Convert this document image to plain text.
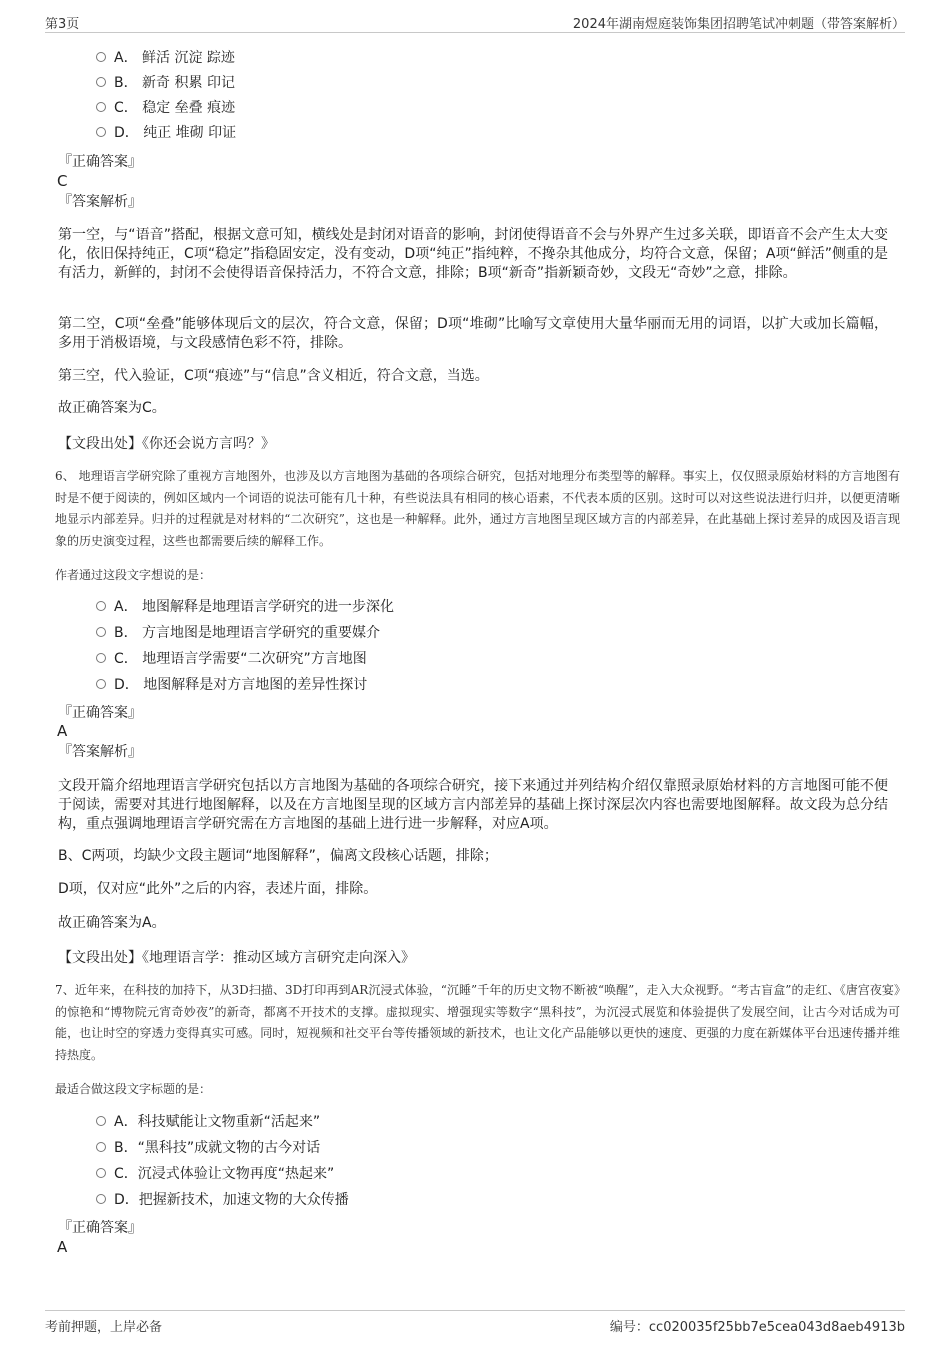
第3页	2024年湖南煜庭装饰集团招聘笔试冲刺题（带答案解析）
A． 鲜活 沉淀 踪迹
B． 新奇 积累 印记
C． 稳定 垒叠 痕迹
D． 纯正 堆砌 印证
『正确答案』
C
『答案解析』
第一空，与“语音”搭配，根据文意可知，横线处是封闭对语音的影响，封闭使得语音不会与外界产生过多关联，即语音不会产生太大变化，依旧保持纯正，C项“稳定”指稳固安定，没有变动，D项“纯正”指纯粹，不搀杂其他成分，均符合文意，保留；A项“鲜活”侧重的是有活力，新鲜的，封闭不会使得语音保持活力，不符合文意，排除；B项“新奇”指新颖奇妙，文段无“奇妙”之意，排除。
第二空，C项“垒叠”能够体现后文的层次，符合文意，保留；D项“堆砌”比喻写文章使用大量华丽而无用的词语，以扩大或加长篇幅，多用于消极语境，与文段感情色彩不符，排除。
第三空，代入验证，C项“痕迹”与“信息”含义相近，符合文意，当选。
故正确答案为C。
【文段出处】《你还会说方言吗？》
6、 地理语言学研究除了重视方言地图外，也涉及以方言地图为基础的各项综合研究，包括对地理分布类型等的解释。事实上，仅仅照录原始材料的方言地图有时是不便于阅读的，例如区域内一个词语的说法可能有几十种，有些说法具有相同的核心语素，不代表本质的区别。这时可以对这些说法进行归并，以便更清晰地显示内部差异。归并的过程就是对材料的“二次研究”，这也是一种解释。此外，通过方言地图呈现区域方言的内部差异，在此基础上探讨差异的成因及语言现象的历史演变过程，这些也都需要后续的解释工作。
作者通过这段文字想说的是：
A． 地图解释是地理语言学研究的进一步深化
B． 方言地图是地理语言学研究的重要媒介
C． 地理语言学需要“二次研究”方言地图
D． 地图解释是对方言地图的差异性探讨
『正确答案』
A
『答案解析』
文段开篇介绍地理语言学研究包括以方言地图为基础的各项综合研究，接下来通过并列结构介绍仅靠照录原始材料的方言地图可能不便于阅读，需要对其进行地图解释，以及在方言地图呈现的区域方言内部差异的基础上探讨深层次内容也需要地图解释。故文段为总分结构，重点强调地理语言学研究需在方言地图的基础上进行进一步解释，对应A项。
B、C两项，均缺少文段主题词“地图解释”，偏离文段核心话题，排除；
D项，仅对应“此外”之后的内容，表述片面，排除。
故正确答案为A。
【文段出处】《地理语言学：推动区域方言研究走向深入》
7、近年来，在科技的加持下，从3D扫描、3D打印再到AR沉浸式体验，“沉睡”千年的历史文物不断被“唤醒”，走入大众视野。“考古盲盒”的走红、《唐宫夜宴》的惊艳和“博物院元宵奇妙夜”的新奇，都离不开技术的支撑。虚拟现实、增强现实等数字“黑科技”，为沉浸式展览和体验提供了发展空间，让古今对话成为可能，也让时空的穿透力变得真实可感。同时，短视频和社交平台等传播领域的新技术，也让文化产品能够以更快的速度、更强的力度在新媒体平台迅速传播并维持热度。
最适合做这段文字标题的是：
A．科技赋能让文物重新“活起来”
B．“黑科技”成就文物的古今对话
C．沉浸式体验让文物再度“热起来”
D．把握新技术，加速文物的大众传播
『正确答案』
A
考前押题，上岸必备	编号：cc020035f25bb7e5cea043d8aeb4913b
